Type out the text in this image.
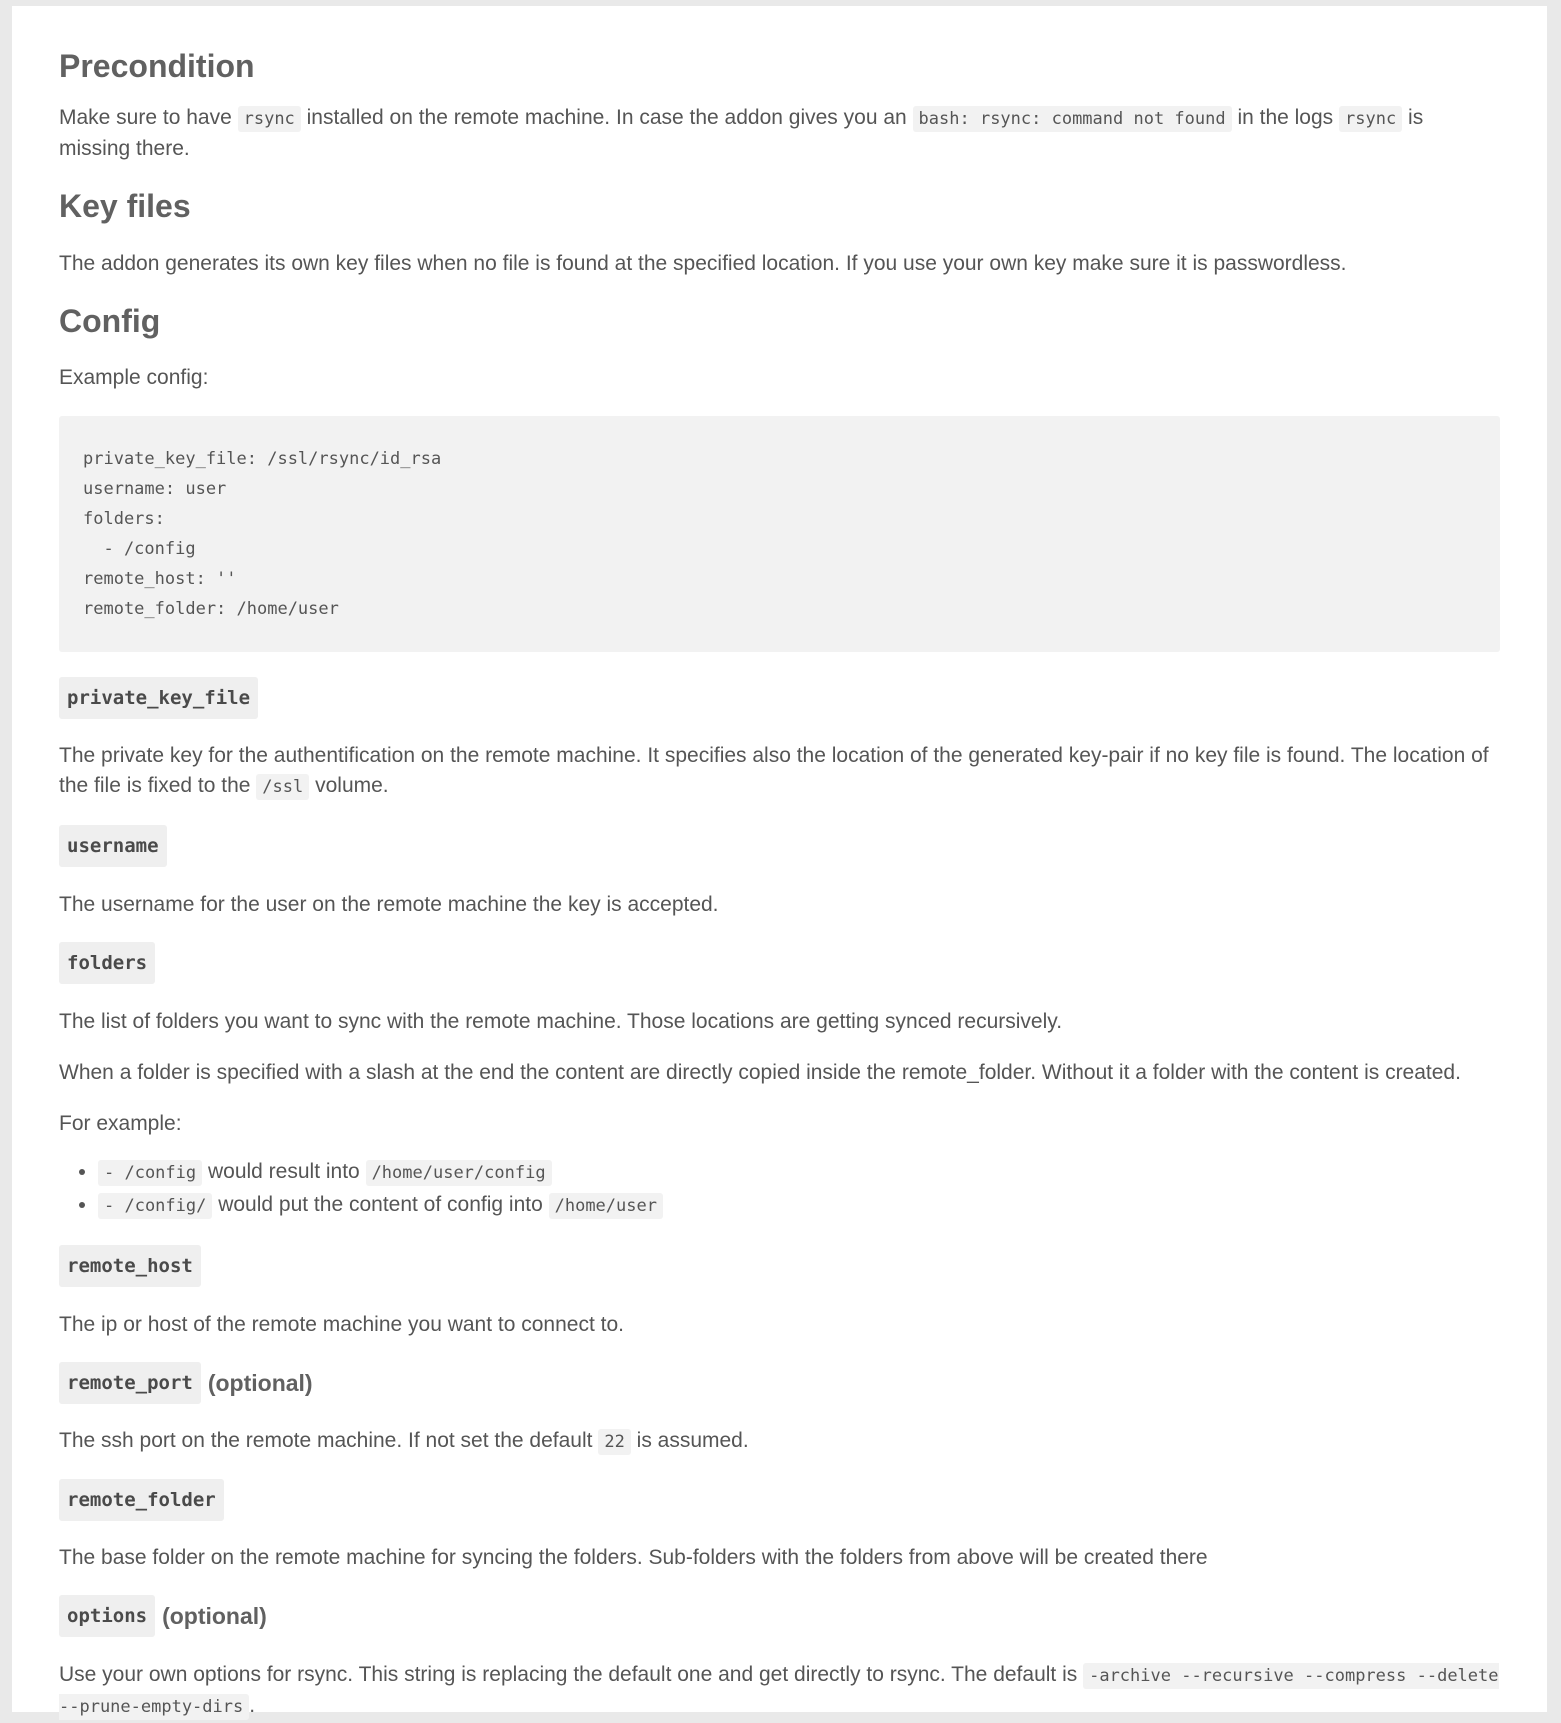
Precondition

Make sure to have rsync installed on the remote machine. In case the addon gives you an bash: rsync: command not found in the logs rsync is missing there.

Key files

The addon generates its own key files when no file is found at the specified location. If you use your own key make sure it is passwordless.

Config

Example config:

private_key_file: /ssl/rsync/id_rsa
username: user
folders:
- /config
remote_host: ''
remote_folder: /home/user
private_key_file

The private key for the authentification on the remote machine. It specifies also the location of the generated key-pair if no key file is found. The location of the file is fixed to the /ssl volume.

username

The username for the user on the remote machine the key is accepted.

folders

The list of folders you want to sync with the remote machine. Those locations are getting synced recursively.

When a folder is specified with a slash at the end the content are directly copied inside the remote_folder. Without it a folder with the content is created.

For example:

• - /config would result into /home/user/config
• - /config/ would put the content of config into /home/user
remote_host

The ip or host of the remote machine you want to connect to.

remote_port (optional)

The ssh port on the remote machine. If not set the default 22 is assumed.

remote_folder

The base folder on the remote machine for syncing the folders. Sub-folders with the folders from above will be created there

options (optional)

Use your own options for rsync. This string is replacing the default one and get directly to rsync. The default is -archive --recursive --compress --delete --prune-empty-dirs .
